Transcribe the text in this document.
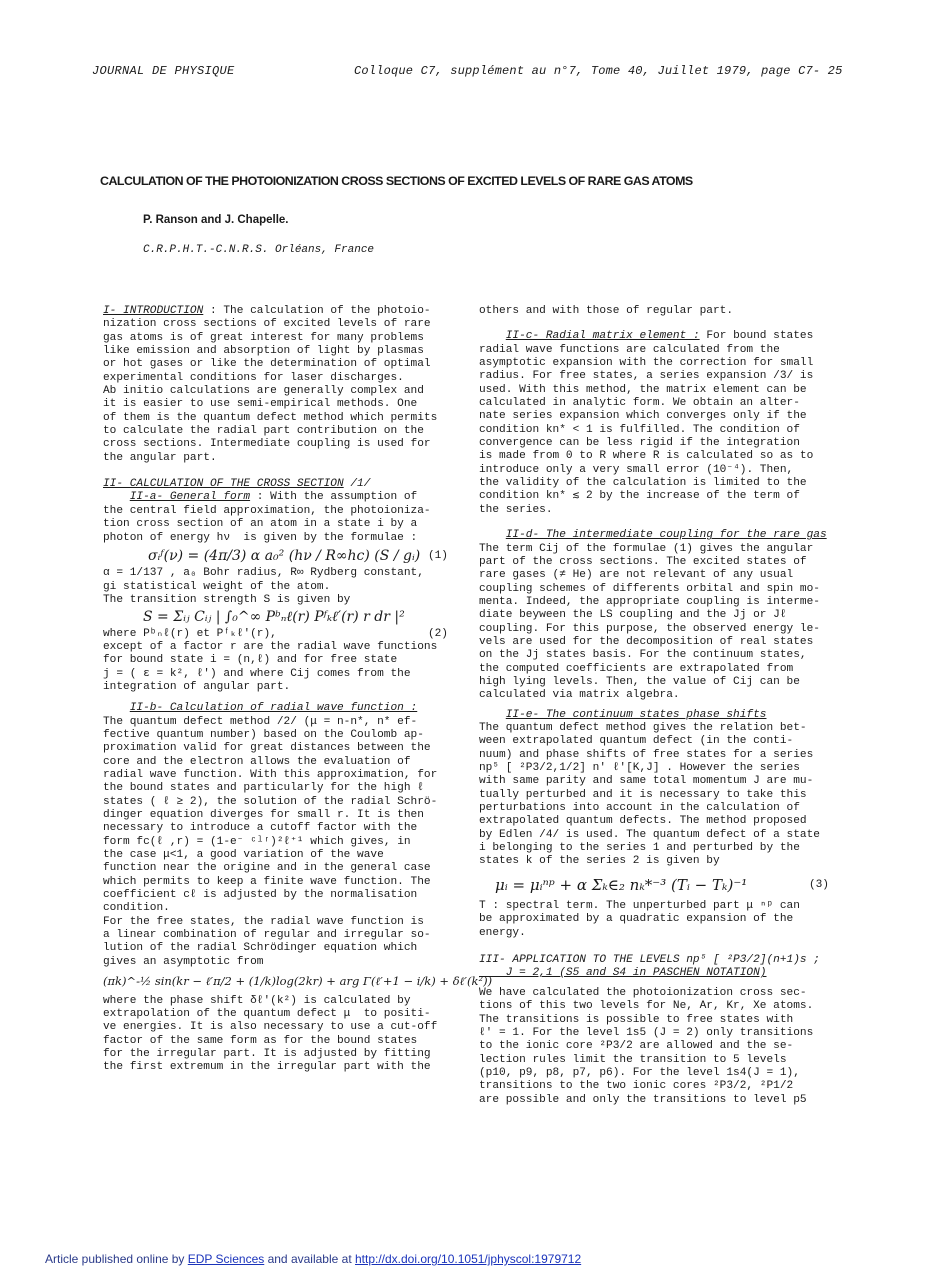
JOURNAL DE PHYSIQUE	Colloque C7, supplément au n°7, Tome 40, Juillet 1979, page C7- 25
CALCULATION OF THE PHOTOIONIZATION CROSS SECTIONS OF EXCITED LEVELS OF RARE GAS ATOMS
P. Ranson and J. Chapelle.
C.R.P.H.T.-C.N.R.S. Orléans, France
I- INTRODUCTION : The calculation of the photoio-
nization cross sections of excited levels of rare
gas atoms is of great interest for many problems
like emission and absorption of light by plasmas
or hot gases or like the determination of optimal
experimental conditions for laser discharges.
Ab initio calculations are generally complex and
it is easier to use semi-empirical methods. One
of them is the quantum defect method which permits
to calculate the radial part contribution on the
cross sections. Intermediate coupling is used for
the angular part.
II- CALCULATION OF THE CROSS SECTION /1/
II-a- General form : With the assumption of
the central field approximation, the photoioniza-
tion cross section of an atom in a state i by a
photon of energy hν  is given by the formulae :
σᵢᶠ(ν) = (4π/3) α a₀² (hν / R∞hc) (S / gᵢ) (1)
α = 1/137 , a₀ Bohr radius, R∞ Rydberg constant,
gi statistical weight of the atom.
The transition strength S is given by
S = Σᵢⱼ Cᵢⱼ | ∫₀^∞ Pᵇₙℓ(r) Pᶠₖℓ′(r) r dr |²
where Pᵇₙℓ(r) et Pᶠₖℓ′(r),	(2)
except of a factor r are the radial wave functions
for bound state i = (n,ℓ) and for free state
j = ( ε = k², ℓ′) and where Cij comes from the
integration of angular part.
II-b- Calculation of radial wave function :
The quantum defect method /2/ (μ = n-n*, n* ef-
fective quantum number) based on the Coulomb ap-
proximation valid for great distances between the
core and the electron allows the evaluation of
radial wave function. With this approximation, for
the bound states and particularly for the high ℓ
states ( ℓ ≥ 2), the solution of the radial Schrö-
dinger equation diverges for small r. It is then
necessary to introduce a cutoff factor with the
form fc(ℓ ,r) = (1-e⁻ ᶜˡʳ)²ℓ⁺¹ which gives, in
the case μ<1, a good variation of the wave
function near the origine and in the general case
which permits to keep a finite wave function. The
coefficient cℓ is adjusted by the normalisation
condition.
For the free states, the radial wave function is
a linear combination of regular and irregular so-
lution of the radial Schrödinger equation which
gives an asymptotic from
(πk)^-½ sin(kr − ℓ′π/2 + (1/k)log(2kr) + arg Γ(ℓ′+1 − i/k) + δℓ′(k²))
where the phase shift δℓ′(k²) is calculated by
extrapolation of the quantum defect μ  to positi-
ve energies. It is also necessary to use a cut-off
factor of the same form as for the bound states
for the irregular part. It is adjusted by fitting
the first extremum in the irregular part with the
others and with those of regular part.
II-c- Radial matrix element : For bound states
radial wave functions are calculated from the
asymptotic expansion with the correction for small
radius. For free states, a series expansion /3/ is
used. With this method, the matrix element can be
calculated in analytic form. We obtain an alter-
nate series expansion which converges only if the
condition kn* < 1 is fulfilled. The condition of
convergence can be less rigid if the integration
is made from 0 to R where R is calculated so as to
introduce only a very small error (10⁻⁴). Then,
the validity of the calculation is limited to the
condition kn* ≲ 2 by the increase of the term of
the series.
II-d- The intermediate coupling for the rare gas
The term Cij of the formulae (1) gives the angular
part of the cross sections. The excited states of
rare gases (≠ He) are not relevant of any usual
coupling schemes of differents orbital and spin mo-
menta. Indeed, the appropriate coupling is interme-
diate beyween the LS coupling and the Jj or Jℓ
coupling. For this purpose, the observed energy le-
vels are used for the decomposition of real states
on the Jj states basis. For the continuum states,
the computed coefficients are extrapolated from
high lying levels. Then, the value of Cij can be
calculated via matrix algebra.
II-e- The continuum states phase shifts
The quantum defect method gives the relation bet-
ween extrapolated quantum defect (in the conti-
nuum) and phase shifts of free states for a series
np⁵ [ ²P3/2,1/2] n′ ℓ′[K,J] . However the series
with same parity and same total momentum J are mu-
tually perturbed and it is necessary to take this
perturbations into account in the calculation of
extrapolated quantum defects. The method proposed
by Edlen /4/ is used. The quantum defect of a state
i belonging to the series 1 and perturbed by the
states k of the series 2 is given by
μᵢ = μᵢⁿᵖ + α Σₖ∈₂ nₖ*⁻³ (Tᵢ − Tₖ)⁻¹	(3)
T : spectral term. The unperturbed part μ ⁿᵖ can
be approximated by a quadratic expansion of the
energy.
III- APPLICATION TO THE LEVELS np⁵ [ ²P3/2](n+1)s ;
J = 2,1 (S5 and S4 in PASCHEN NOTATION)
We have calculated the photoionization cross sec-
tions of this two levels for Ne, Ar, Kr, Xe atoms.
The transitions is possible to free states with
ℓ′ = 1. For the level 1s5 (J = 2) only transitions
to the ionic core ²P3/2 are allowed and the se-
lection rules limit the transition to 5 levels
(p10, p9, p8, p7, p6). For the level 1s4(J = 1),
transitions to the two ionic cores ²P3/2, ²P1/2
are possible and only the transitions to level p5
Article published online by EDP Sciences and available at http://dx.doi.org/10.1051/jphyscol:1979712
